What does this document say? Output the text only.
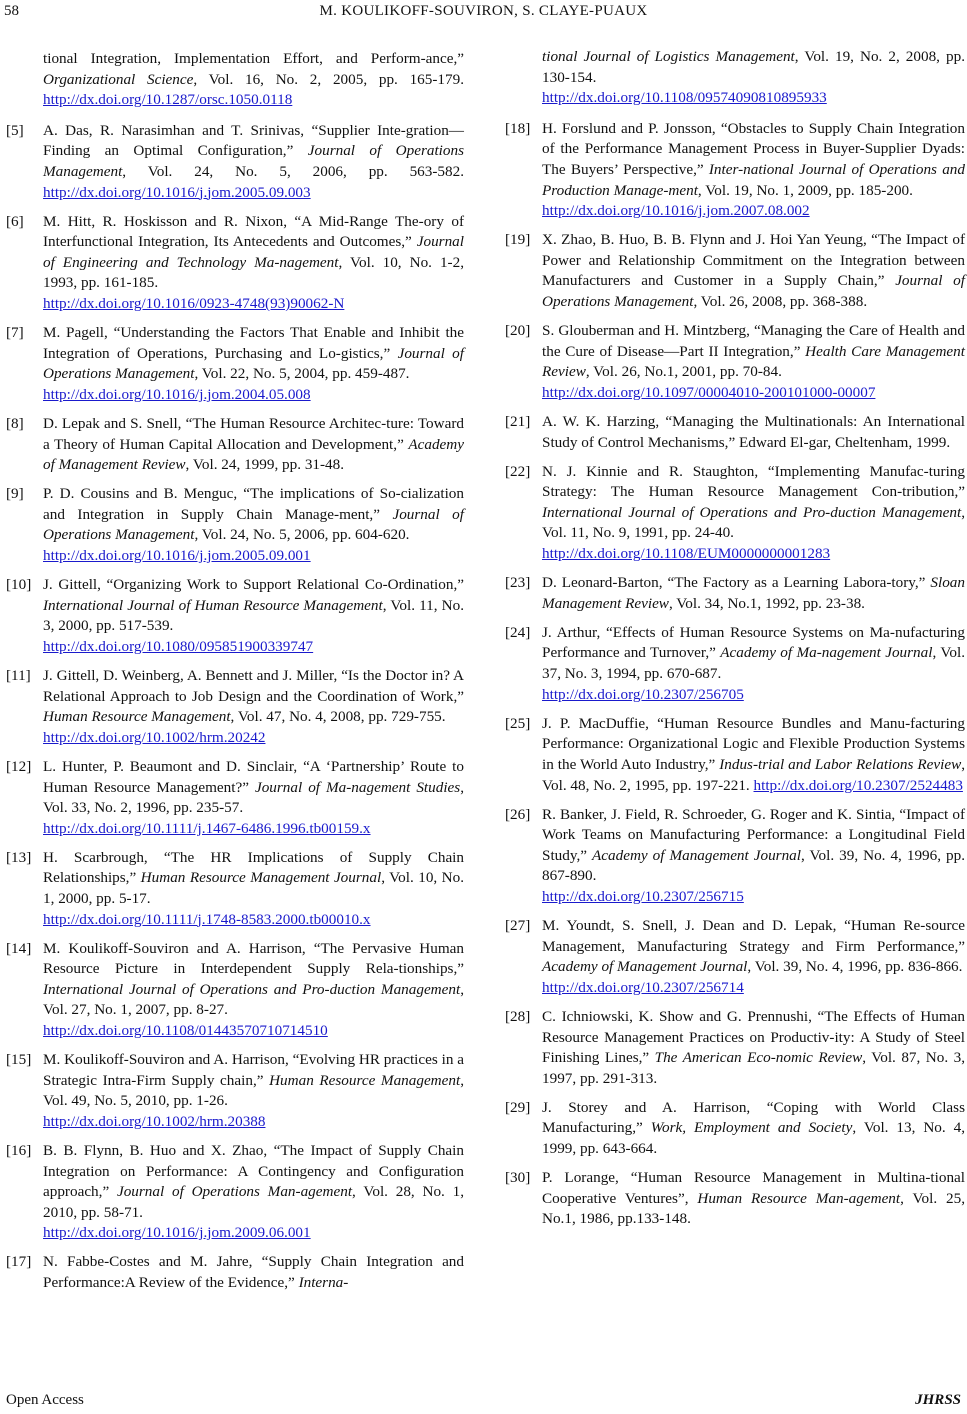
58	M. KOULIKOFF-SOUVIRON, S. CLAYE-PUAUX
tional Integration, Implementation Effort, and Perform-ance,” Organizational Science, Vol. 16, No. 2, 2005, pp. 165-179. http://dx.doi.org/10.1287/orsc.1050.0118
[5] A. Das, R. Narasimhan and T. Srinivas, “Supplier Inte-gration—Finding an Optimal Configuration,” Journal of Operations Management, Vol. 24, No. 5, 2006, pp. 563-582. http://dx.doi.org/10.1016/j.jom.2005.09.003
[6] M. Hitt, R. Hoskisson and R. Nixon, “A Mid-Range The-ory of Interfunctional Integration, Its Antecedents and Outcomes,” Journal of Engineering and Technology Ma-nagement, Vol. 10, No. 1-2, 1993, pp. 161-185.
http://dx.doi.org/10.1016/0923-4748(93)90062-N
[7] M. Pagell, “Understanding the Factors That Enable and Inhibit the Integration of Operations, Purchasing and Lo-gistics,” Journal of Operations Management, Vol. 22, No. 5, 2004, pp. 459-487.
http://dx.doi.org/10.1016/j.jom.2004.05.008
[8] D. Lepak and S. Snell, “The Human Resource Architec-ture: Toward a Theory of Human Capital Allocation and Development,” Academy of Management Review, Vol. 24, 1999, pp. 31-48.
[9] P. D. Cousins and B. Menguc, “The implications of So-cialization and Integration in Supply Chain Manage-ment,” Journal of Operations Management, Vol. 24, No. 5, 2006, pp. 604-620.
http://dx.doi.org/10.1016/j.jom.2005.09.001
[10] J. Gittell, “Organizing Work to Support Relational Co-Ordination,” International Journal of Human Resource Management, Vol. 11, No. 3, 2000, pp. 517-539.
http://dx.doi.org/10.1080/095851900339747
[11] J. Gittell, D. Weinberg, A. Bennett and J. Miller, “Is the Doctor in? A Relational Approach to Job Design and the Coordination of Work,” Human Resource Management, Vol. 47, No. 4, 2008, pp. 729-755.
http://dx.doi.org/10.1002/hrm.20242
[12] L. Hunter, P. Beaumont and D. Sinclair, “A ‘Partnership’ Route to Human Resource Management?” Journal of Ma-nagement Studies, Vol. 33, No. 2, 1996, pp. 235-57.
http://dx.doi.org/10.1111/j.1467-6486.1996.tb00159.x
[13] H. Scarbrough, “The HR Implications of Supply Chain Relationships,” Human Resource Management Journal, Vol. 10, No. 1, 2000, pp. 5-17.
http://dx.doi.org/10.1111/j.1748-8583.2000.tb00010.x
[14] M. Koulikoff-Souviron and A. Harrison, “The Pervasive Human Resource Picture in Interdependent Supply Rela-tionships,” International Journal of Operations and Pro-duction Management, Vol. 27, No. 1, 2007, pp. 8-27.
http://dx.doi.org/10.1108/01443570710714510
[15] M. Koulikoff-Souviron and A. Harrison, “Evolving HR practices in a Strategic Intra-Firm Supply chain,” Human Resource Management, Vol. 49, No. 5, 2010, pp. 1-26.
http://dx.doi.org/10.1002/hrm.20388
[16] B. B. Flynn, B. Huo and X. Zhao, “The Impact of Supply Chain Integration on Performance: A Contingency and Configuration approach,” Journal of Operations Man-agement, Vol. 28, No. 1, 2010, pp. 58-71.
http://dx.doi.org/10.1016/j.jom.2009.06.001
[17] N. Fabbe-Costes and M. Jahre, “Supply Chain Integration and Performance:A Review of the Evidence,” Interna-
tional Journal of Logistics Management, Vol. 19, No. 2, 2008, pp. 130-154.
http://dx.doi.org/10.1108/09574090810895933
[18] H. Forslund and P. Jonsson, “Obstacles to Supply Chain Integration of the Performance Management Process in Buyer-Supplier Dyads: The Buyers’ Perspective,” Inter-national Journal of Operations and Production Manage-ment, Vol. 19, No. 1, 2009, pp. 185-200.
http://dx.doi.org/10.1016/j.jom.2007.08.002
[19] X. Zhao, B. Huo, B. B. Flynn and J. Hoi Yan Yeung, “The Impact of Power and Relationship Commitment on the Integration between Manufacturers and Customer in a Supply Chain,” Journal of Operations Management, Vol. 26, 2008, pp. 368-388.
[20] S. Glouberman and H. Mintzberg, “Managing the Care of Health and the Cure of Disease—Part II Integration,” Health Care Management Review, Vol. 26, No.1, 2001, pp. 70-84.
http://dx.doi.org/10.1097/00004010-200101000-00007
[21] A. W. K. Harzing, “Managing the Multinationals: An International Study of Control Mechanisms,” Edward El-gar, Cheltenham, 1999.
[22] N. J. Kinnie and R. Staughton, “Implementing Manufac-turing Strategy: The Human Resource Management Con-tribution,” International Journal of Operations and Pro-duction Management, Vol. 11, No. 9, 1991, pp. 24-40.
http://dx.doi.org/10.1108/EUM0000000001283
[23] D. Leonard-Barton, “The Factory as a Learning Labora-tory,” Sloan Management Review, Vol. 34, No.1, 1992, pp. 23-38.
[24] J. Arthur, “Effects of Human Resource Systems on Ma-nufacturing Performance and Turnover,” Academy of Ma-nagement Journal, Vol. 37, No. 3, 1994, pp. 670-687.
http://dx.doi.org/10.2307/256705
[25] J. P. MacDuffie, “Human Resource Bundles and Manu-facturing Performance: Organizational Logic and Flexible Production Systems in the World Auto Industry,” Indus-trial and Labor Relations Review, Vol. 48, No. 2, 1995, pp. 197-221. http://dx.doi.org/10.2307/2524483
[26] R. Banker, J. Field, R. Schroeder, G. Roger and K. Sintia, “Impact of Work Teams on Manufacturing Performance: a Longitudinal Field Study,” Academy of Management Journal, Vol. 39, No. 4, 1996, pp. 867-890.
http://dx.doi.org/10.2307/256715
[27] M. Youndt, S. Snell, J. Dean and D. Lepak, “Human Re-source Management, Manufacturing Strategy and Firm Performance,” Academy of Management Journal, Vol. 39, No. 4, 1996, pp. 836-866.
http://dx.doi.org/10.2307/256714
[28] C. Ichniowski, K. Show and G. Prennushi, “The Effects of Human Resource Management Practices on Productiv-ity: A Study of Steel Finishing Lines,” The American Eco-nomic Review, Vol. 87, No. 3, 1997, pp. 291-313.
[29] J. Storey and A. Harrison, “Coping with World Class Manufacturing,” Work, Employment and Society, Vol. 13, No. 4, 1999, pp. 643-664.
[30] P. Lorange, “Human Resource Management in Multina-tional Cooperative Ventures”, Human Resource Man-agement, Vol. 25, No.1, 1986, pp.133-148.
Open Access	JHRSS
